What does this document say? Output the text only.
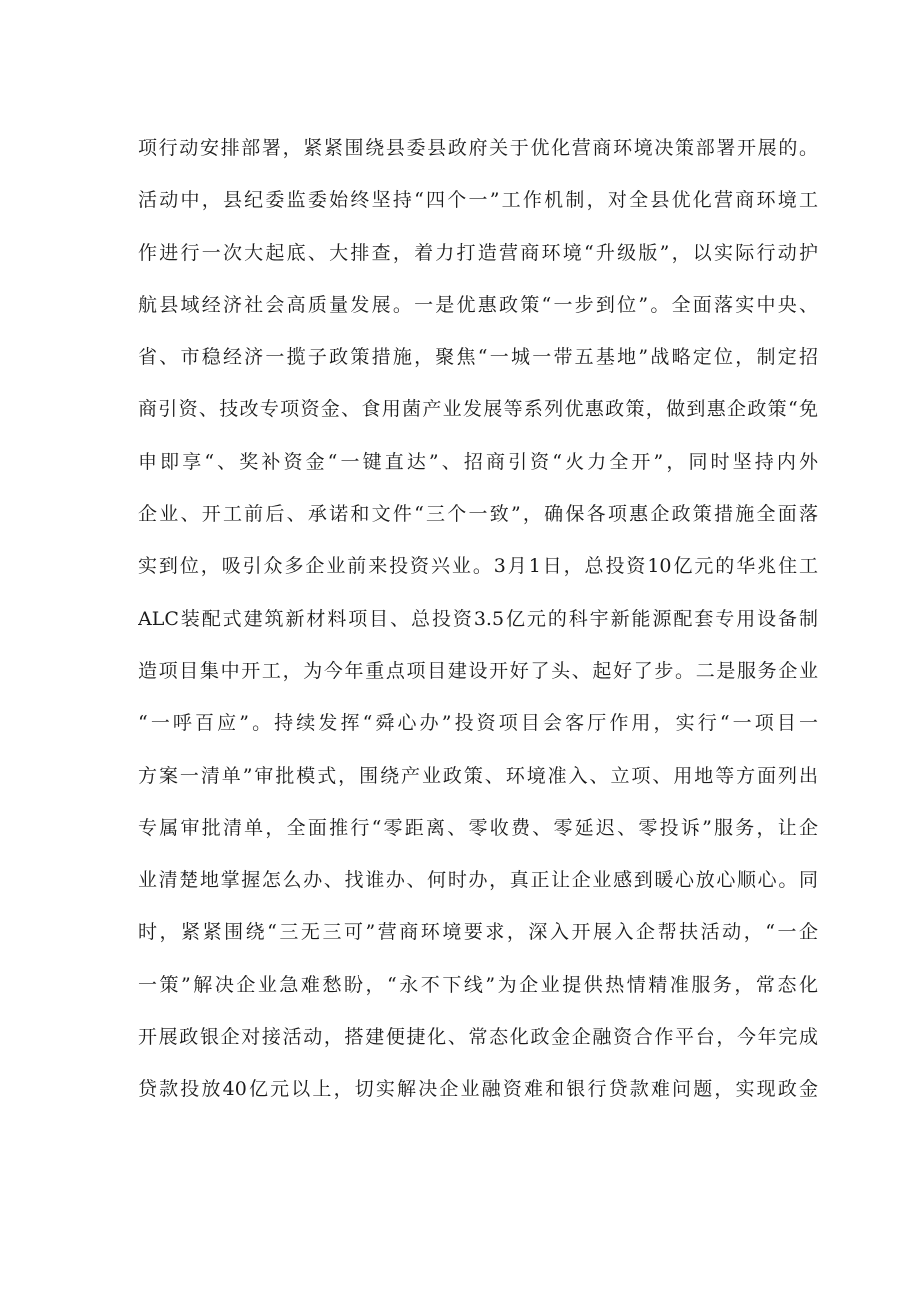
项行动安排部署，紧紧围绕县委县政府关于优化营商环境决策部署开展的。
活动中，县纪委监委始终坚持“四个一”工作机制，对全县优化营商环境工
作进行一次大起底、大排查，着力打造营商环境“升级版”，以实际行动护
航县域经济社会高质量发展。一是优惠政策“一步到位”。全面落实中央、
省、市稳经济一揽子政策措施，聚焦“一城一带五基地”战略定位，制定招
商引资、技改专项资金、食用菌产业发展等系列优惠政策，做到惠企政策“免
申即享“、奖补资金“一键直达”、招商引资“火力全开”，同时坚持内外
企业、开工前后、承诺和文件“三个一致”，确保各项惠企政策措施全面落
实到位，吸引众多企业前来投资兴业。3月1日，总投资10亿元的华兆住工
ALC装配式建筑新材料项目、总投资3.5亿元的科宇新能源配套专用设备制
造项目集中开工，为今年重点项目建设开好了头、起好了步。二是服务企业
“一呼百应”。持续发挥“舜心办”投资项目会客厅作用，实行“一项目一
方案一清单”审批模式，围绕产业政策、环境准入、立项、用地等方面列出
专属审批清单，全面推行“零距离、零收费、零延迟、零投诉”服务，让企
业清楚地掌握怎么办、找谁办、何时办，真正让企业感到暖心放心顺心。同
时，紧紧围绕“三无三可”营商环境要求，深入开展入企帮扶活动，“一企
一策”解决企业急难愁盼，“永不下线”为企业提供热情精准服务，常态化
开展政银企对接活动，搭建便捷化、常态化政金企融资合作平台，今年完成
贷款投放40亿元以上，切实解决企业融资难和银行贷款难问题，实现政金
